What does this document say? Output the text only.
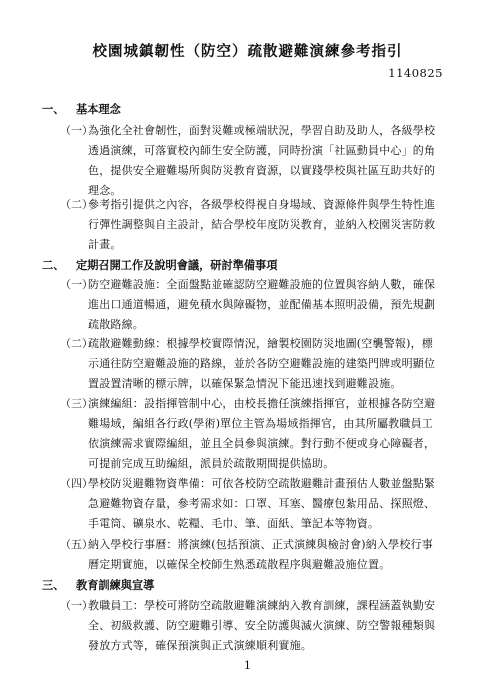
校園城鎮韌性（防空）疏散避難演練參考指引
1140825
一、 基本理念
（一）
為強化全社會韌性，面對災難或極端狀況，學習自助及助人，各級學校
透過演練，可落實校內師生安全防護，同時扮演「社區動員中心」的角
色，提供安全避難場所與防災教育資源，以實踐學校與社區互助共好的
理念。
（二）
參考指引提供之內容，各級學校得視自身場域、資源條件與學生特性進
行彈性調整與自主設計，結合學校年度防災教育，並納入校園災害防救
計畫。
二、 定期召開工作及說明會議，研討準備事項
（一）
防空避難設施：全面盤點並確認防空避難設施的位置與容納人數，確保
進出口通道暢通，避免積水與障礙物，並配備基本照明設備，預先規劃
疏散路線。
（二）
疏散避難動線：根據學校實際情況，繪製校園防災地圖(空襲警報)，標
示通往防空避難設施的路線，並於各防空避難設施的建築門牌或明顯位
置設置清晰的標示牌，以確保緊急情況下能迅速找到避難設施。
（三）
演練編組：設指揮管制中心，由校長擔任演練指揮官，並根據各防空避
難場域，編組各行政(學術)單位主管為場域指揮官，由其所屬教職員工
依演練需求實際編組，並且全員參與演練。對行動不便或身心障礙者，
可提前完成互助編組，派員於疏散期間提供協助。
（四）
學校防災避難物資準備：可依各校防空疏散避難計畫預估人數並盤點緊
急避難物資存量，參考需求如：口罩、耳塞、醫療包紮用品、探照燈、
手電筒、礦泉水、乾糧、毛巾、筆、面紙、筆記本等物資。
（五）
納入學校行事曆：將演練(包括預演、正式演練與檢討會)納入學校行事
曆定期實施，以確保全校師生熟悉疏散程序與避難設施位置。
三、 教育訓練與宣導
（一）
教職員工：學校可將防空疏散避難演練納入教育訓練，課程涵蓋執勤安
全、初級救護、防空避難引導、安全防護與滅火演練、防空警報種類與
發放方式等，確保預演與正式演練順利實施。
1
